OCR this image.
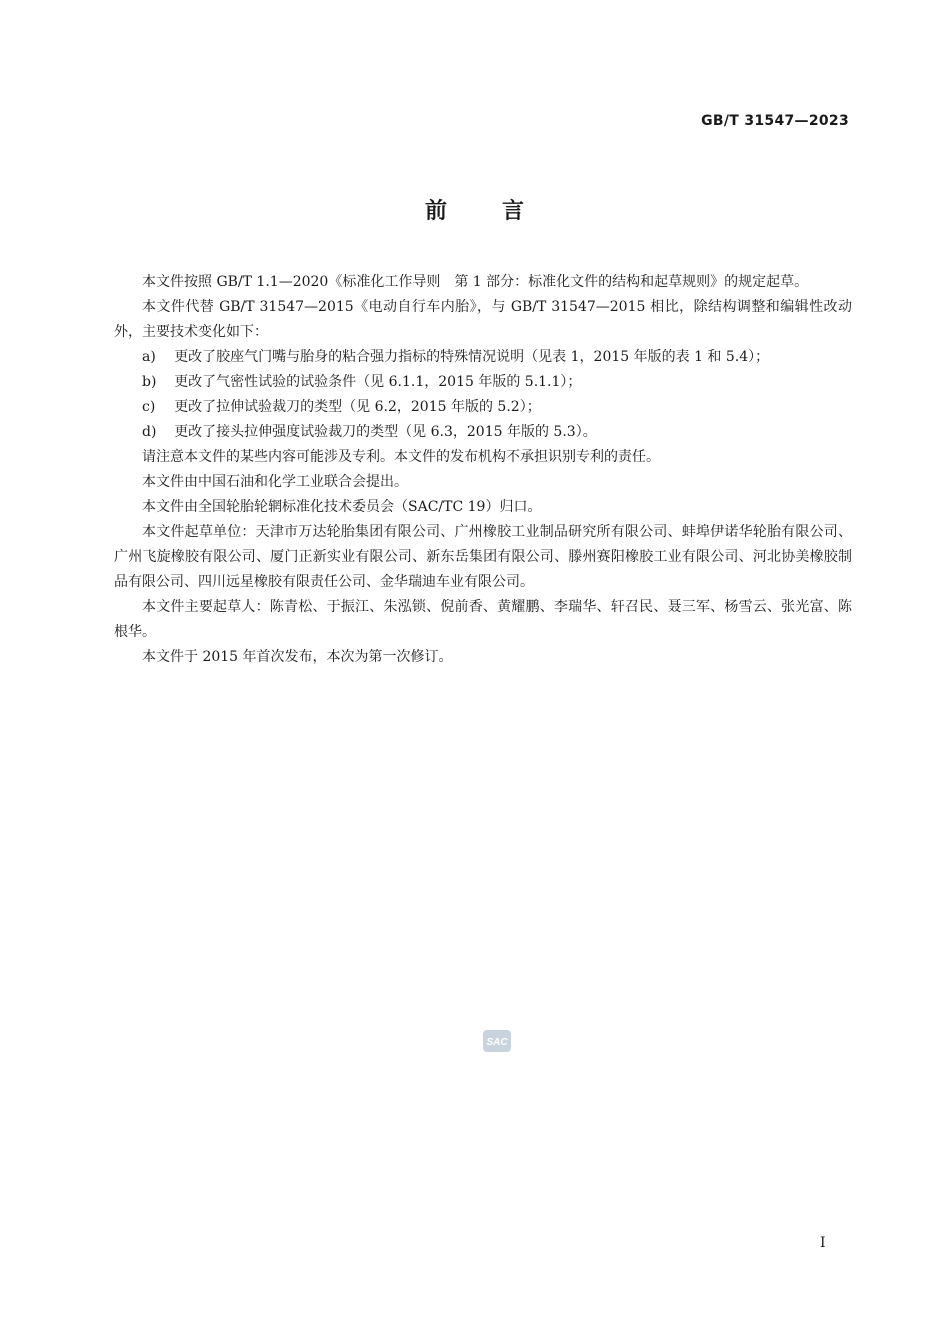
GB/T 31547—2023
前 言

本文件按照 GB/T 1.1—2020《标准化工作导则　第 1 部分：标准化文件的结构和起草规则》的规定起草。

本文件代替 GB/T 31547—2015《电动自行车内胎》，与 GB/T 31547—2015 相比，除结构调整和编辑性改动外，主要技术变化如下：

a) 更改了胶座气门嘴与胎身的粘合强力指标的特殊情况说明（见表 1，2015 年版的表 1 和 5.4）；
b) 更改了气密性试验的试验条件（见 6.1.1，2015 年版的 5.1.1）；
c) 更改了拉伸试验裁刀的类型（见 6.2，2015 年版的 5.2）；
d) 更改了接头拉伸强度试验裁刀的类型（见 6.3，2015 年版的 5.3）。

请注意本文件的某些内容可能涉及专利。本文件的发布机构不承担识别专利的责任。

本文件由中国石油和化学工业联合会提出。

本文件由全国轮胎轮辋标准化技术委员会（SAC/TC 19）归口。

本文件起草单位：天津市万达轮胎集团有限公司、广州橡胶工业制品研究所有限公司、蚌埠伊诺华轮胎有限公司、广州飞旋橡胶有限公司、厦门正新实业有限公司、新东岳集团有限公司、滕州赛阳橡胶工业有限公司、河北协美橡胶制品有限公司、四川远星橡胶有限责任公司、金华瑞迪车业有限公司。

本文件主要起草人：陈青松、于振江、朱泓锁、倪前香、黄耀鹏、李瑞华、轩召民、聂三军、杨雪云、张光富、陈根华。

本文件于 2015 年首次发布，本次为第一次修订。

SAC
I
